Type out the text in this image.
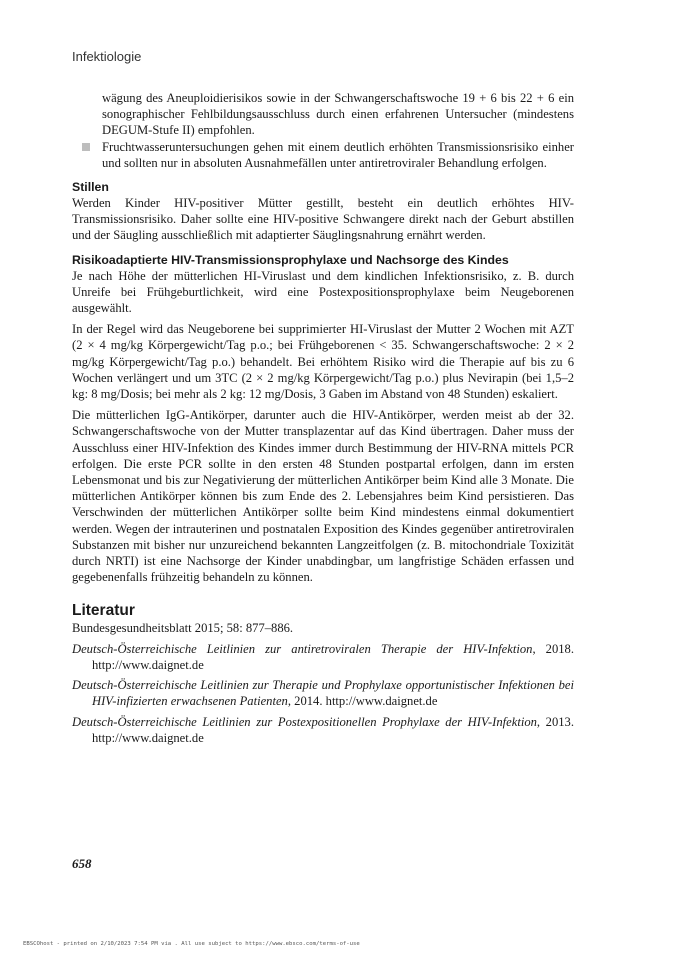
Infektiologie

wägung des Aneuploidierisikos sowie in der Schwangerschaftswoche 19 + 6 bis 22 + 6 ein sonographischer Fehlbildungsausschluss durch einen erfahrenen Untersucher (mindestens DEGUM-Stufe II) empfohlen.

Fruchtwasseruntersuchungen gehen mit einem deutlich erhöhten Transmissionsrisiko einher und sollten nur in absoluten Ausnahmefällen unter antiretroviraler Behandlung erfolgen.
Stillen

Werden Kinder HIV-positiver Mütter gestillt, besteht ein deutlich erhöhtes HIV-Transmissionsrisiko. Daher sollte eine HIV-positive Schwangere direkt nach der Geburt abstillen und der Säugling ausschließlich mit adaptierter Säuglingsnahrung ernährt werden.

Risikoadaptierte HIV-Transmissionsprophylaxe und Nachsorge des Kindes

Je nach Höhe der mütterlichen HI-Viruslast und dem kindlichen Infektionsrisiko, z. B. durch Unreife bei Frühgeburtlichkeit, wird eine Postexpositionsprophylaxe beim Neugeborenen ausgewählt.

In der Regel wird das Neugeborene bei supprimierter HI-Viruslast der Mutter 2 Wochen mit AZT (2 × 4 mg/kg Körpergewicht/Tag p.o.; bei Frühgeborenen < 35. Schwangerschaftswoche: 2 × 2 mg/kg Körpergewicht/Tag p.o.) behandelt. Bei erhöhtem Risiko wird die Therapie auf bis zu 6 Wochen verlängert und um 3TC (2 × 2 mg/kg Körpergewicht/Tag p.o.) plus Nevirapin (bei 1,5–2 kg: 8 mg/Dosis; bei mehr als 2 kg: 12 mg/Dosis, 3 Gaben im Abstand von 48 Stunden) eskaliert.

Die mütterlichen IgG-Antikörper, darunter auch die HIV-Antikörper, werden meist ab der 32. Schwangerschaftswoche von der Mutter transplazentar auf das Kind übertragen. Daher muss der Ausschluss einer HIV-Infektion des Kindes immer durch Bestimmung der HIV-RNA mittels PCR erfolgen. Die erste PCR sollte in den ersten 48 Stunden postpartal erfolgen, dann im ersten Lebensmonat und bis zur Negativierung der mütterlichen Antikörper beim Kind alle 3 Monate. Die mütterlichen Antikörper können bis zum Ende des 2. Lebensjahres beim Kind persistieren. Das Verschwinden der mütterlichen Antikörper sollte beim Kind mindestens einmal dokumentiert werden. Wegen der intrauterinen und postnatalen Exposition des Kindes gegenüber antiretroviralen Substanzen mit bisher nur unzureichend bekannten Langzeitfolgen (z. B. mitochondriale Toxizität durch NRTI) ist eine Nachsorge der Kinder unabdingbar, um langfristige Schäden erfassen und gegebenenfalls frühzeitig behandeln zu können.

Literatur
Bundesgesundheitsblatt 2015; 58: 877–886.
Deutsch-Österreichische Leitlinien zur antiretroviralen Therapie der HIV-Infektion, 2018. http://www.daignet.de
Deutsch-Österreichische Leitlinien zur Therapie und Prophylaxe opportunistischer Infektionen bei HIV-infizierten erwachsenen Patienten, 2014. http://www.daignet.de
Deutsch-Österreichische Leitlinien zur Postexpositionellen Prophylaxe der HIV-Infektion, 2013. http://www.daignet.de
658
EBSCOhost - printed on 2/10/2023 7:54 PM via . All use subject to https://www.ebsco.com/terms-of-use
